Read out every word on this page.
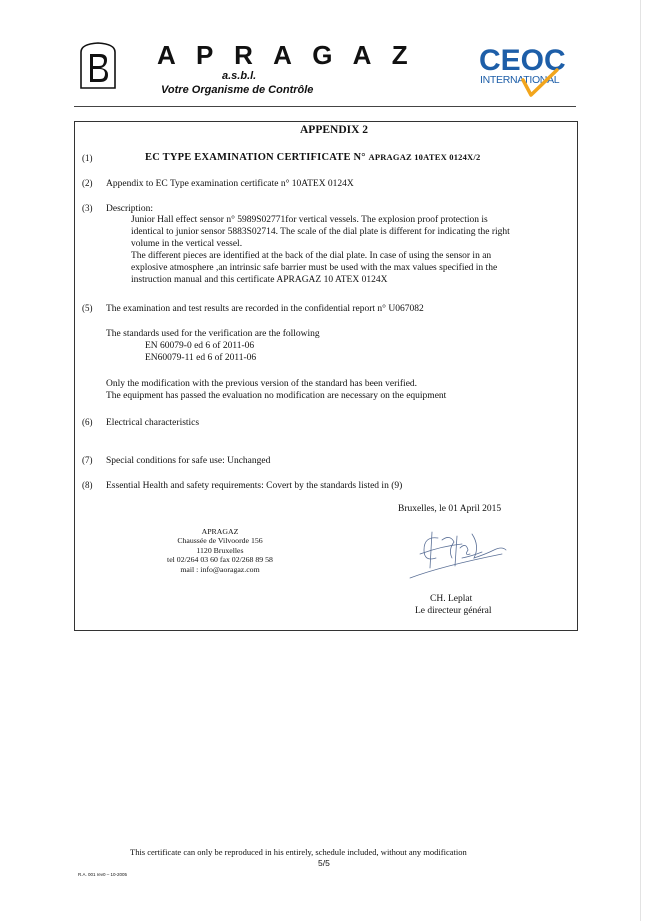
A P R A G A Z
a.s.b.l.
Votre Organisme de Contrôle
CEOC
INTERNATIONAL
APPENDIX 2
(1)	EC TYPE EXAMINATION CERTIFICATE N° APRAGAZ 10ATEX 0124X/2
(2) Appendix to EC Type examination certificate n° 10ATEX 0124X
(3) Description:
Junior Hall effect sensor n° 5989S02771for vertical vessels. The explosion proof protection is
identical to junior sensor 5883S02714. The scale of the dial plate is different for indicating the right
volume in the vertical vessel.
The different pieces are identified at the back of the dial plate. In case of using the sensor in an
explosive atmosphere ,an intrinsic safe barrier must be used with the max values specified in the
instruction manual and this certificate APRAGAZ 10 ATEX 0124X
(5) The examination and test results are recorded in the confidential report n° U067082
The standards used for the verification are the following
EN 60079-0 ed 6 of 2011-06
EN60079-11 ed 6 of 2011-06
Only the modification with the previous version of the standard has been verified.
The equipment has passed the evaluation no modification are necessary on the equipment
(6) Electrical characteristics
(7) Special conditions for safe use: Unchanged
(8) Essential Health and safety requirements: Covert by the standards listed in (9)
Bruxelles, le 01 April 2015
APRAGAZ
Chaussée de Vilvoorde 156
1120 Bruxelles
tel 02/264 03 60 fax 02/268 89 58
mail : info@aoragaz.com
CH. Leplat
Le directeur général
This certificate can only be reproduced in his entirely, schedule included, without any modification
5/5
R.A. 001 rev0 – 10-2005
